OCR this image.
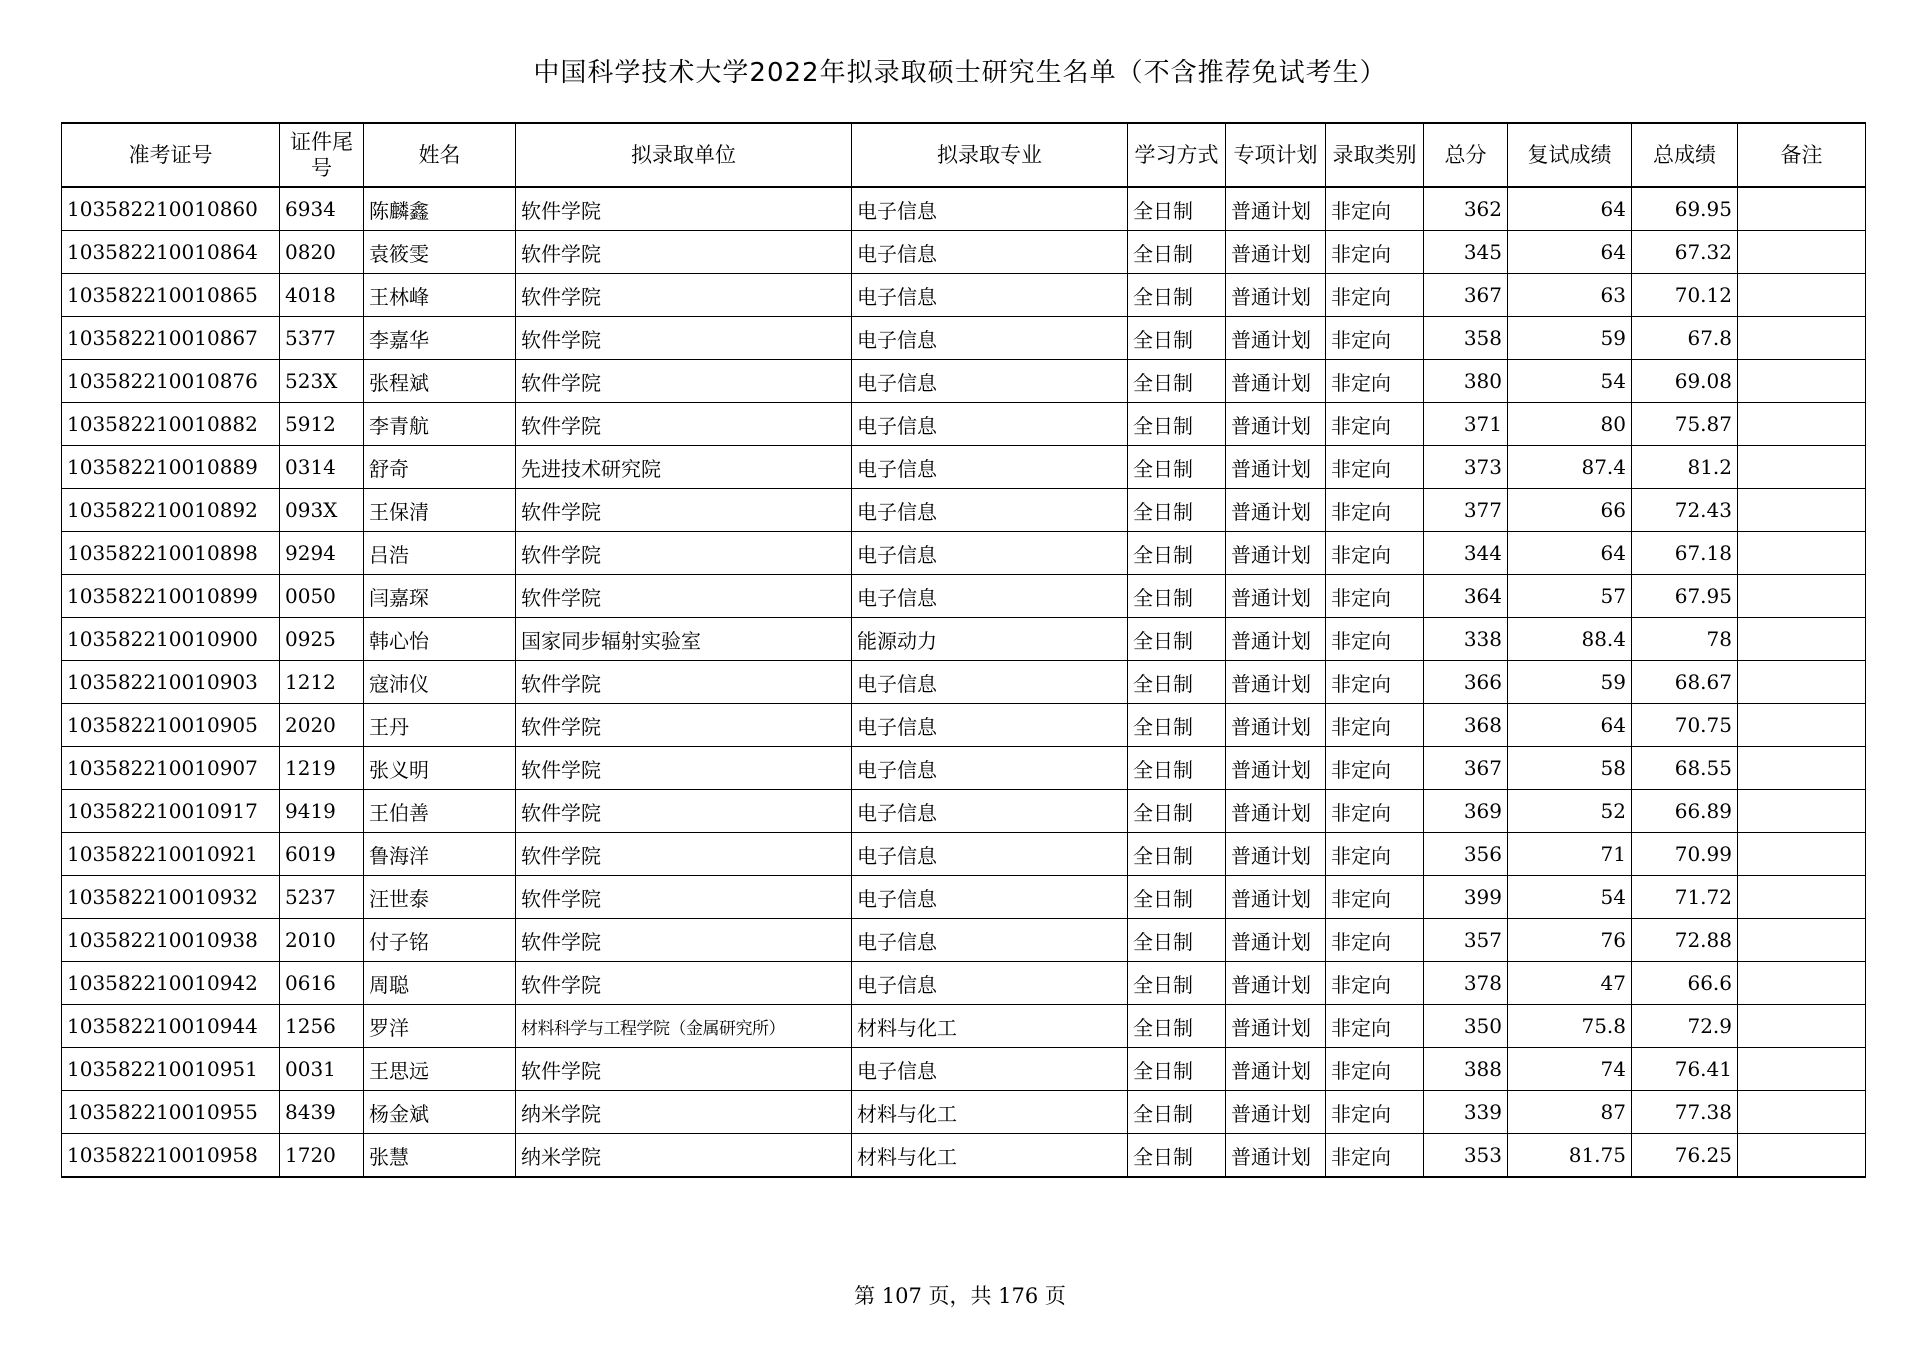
中国科学技术大学2022年拟录取硕士研究生名单（不含推荐免试考生）
准考证号	证件尾号	姓名	拟录取单位	拟录取专业	学习方式	专项计划	录取类别	总分	复试成绩	总成绩	备注
103582210010860	6934	陈麟鑫	软件学院	电子信息	全日制	普通计划	非定向	362	64	69.95	
103582210010864	0820	袁筱雯	软件学院	电子信息	全日制	普通计划	非定向	345	64	67.32	
103582210010865	4018	王林峰	软件学院	电子信息	全日制	普通计划	非定向	367	63	70.12	
103582210010867	5377	李嘉华	软件学院	电子信息	全日制	普通计划	非定向	358	59	67.8	
103582210010876	523X	张程斌	软件学院	电子信息	全日制	普通计划	非定向	380	54	69.08	
103582210010882	5912	李青航	软件学院	电子信息	全日制	普通计划	非定向	371	80	75.87	
103582210010889	0314	舒奇	先进技术研究院	电子信息	全日制	普通计划	非定向	373	87.4	81.2	
103582210010892	093X	王保清	软件学院	电子信息	全日制	普通计划	非定向	377	66	72.43	
103582210010898	9294	吕浩	软件学院	电子信息	全日制	普通计划	非定向	344	64	67.18	
103582210010899	0050	闫嘉琛	软件学院	电子信息	全日制	普通计划	非定向	364	57	67.95	
103582210010900	0925	韩心怡	国家同步辐射实验室	能源动力	全日制	普通计划	非定向	338	88.4	78	
103582210010903	1212	寇沛仪	软件学院	电子信息	全日制	普通计划	非定向	366	59	68.67	
103582210010905	2020	王丹	软件学院	电子信息	全日制	普通计划	非定向	368	64	70.75	
103582210010907	1219	张义明	软件学院	电子信息	全日制	普通计划	非定向	367	58	68.55	
103582210010917	9419	王伯善	软件学院	电子信息	全日制	普通计划	非定向	369	52	66.89	
103582210010921	6019	鲁海洋	软件学院	电子信息	全日制	普通计划	非定向	356	71	70.99	
103582210010932	5237	汪世泰	软件学院	电子信息	全日制	普通计划	非定向	399	54	71.72	
103582210010938	2010	付子铭	软件学院	电子信息	全日制	普通计划	非定向	357	76	72.88	
103582210010942	0616	周聪	软件学院	电子信息	全日制	普通计划	非定向	378	47	66.6	
103582210010944	1256	罗洋	材料科学与工程学院（金属研究所）	材料与化工	全日制	普通计划	非定向	350	75.8	72.9	
103582210010951	0031	王思远	软件学院	电子信息	全日制	普通计划	非定向	388	74	76.41	
103582210010955	8439	杨金斌	纳米学院	材料与化工	全日制	普通计划	非定向	339	87	77.38	
103582210010958	1720	张慧	纳米学院	材料与化工	全日制	普通计划	非定向	353	81.75	76.25	
第 107 页，共 176 页
